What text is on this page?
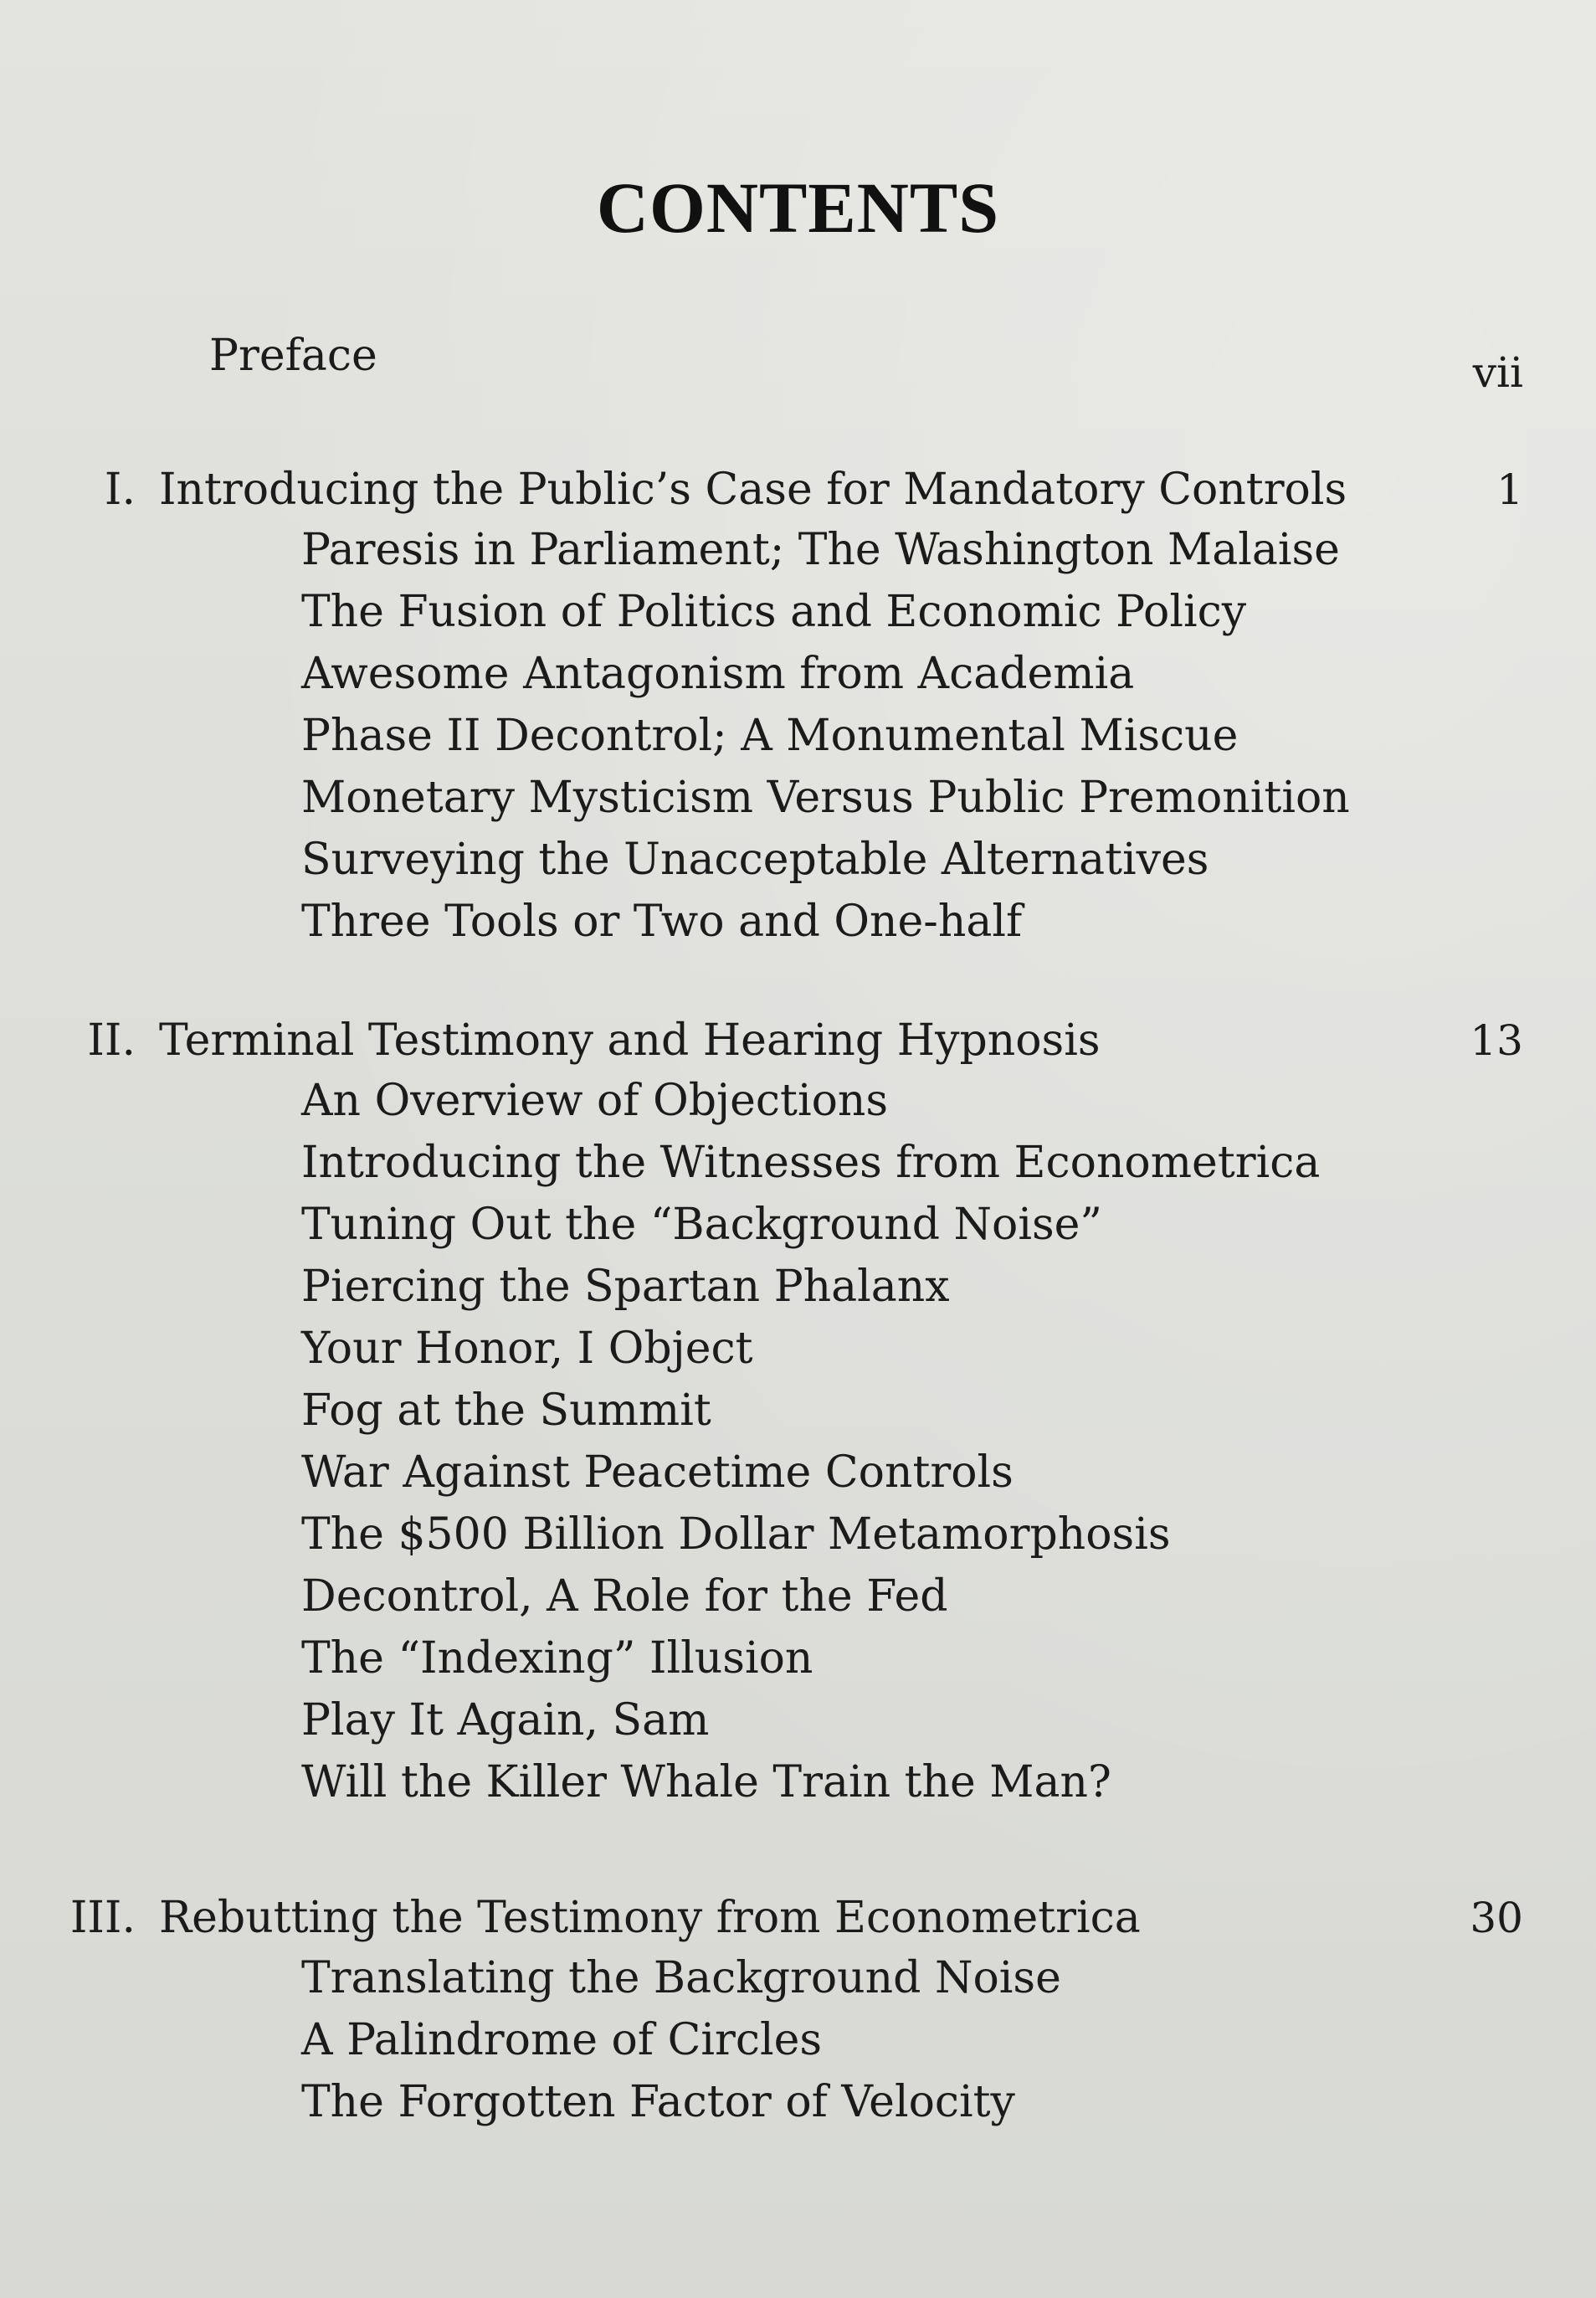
CONTENTS
Preface	vii
I. Introducing the Public’s Case for Mandatory Controls	1
Paresis in Parliament; The Washington Malaise
The Fusion of Politics and Economic Policy
Awesome Antagonism from Academia
Phase II Decontrol; A Monumental Miscue
Monetary Mysticism Versus Public Premonition
Surveying the Unacceptable Alternatives
Three Tools or Two and One-half
II. Terminal Testimony and Hearing Hypnosis	13
An Overview of Objections
Introducing the Witnesses from Econometrica
Tuning Out the “Background Noise”
Piercing the Spartan Phalanx
Your Honor, I Object
Fog at the Summit
War Against Peacetime Controls
The $500 Billion Dollar Metamorphosis
Decontrol, A Role for the Fed
The “Indexing” Illusion
Play It Again, Sam
Will the Killer Whale Train the Man?
III. Rebutting the Testimony from Econometrica	30
Translating the Background Noise
A Palindrome of Circles
The Forgotten Factor of Velocity
